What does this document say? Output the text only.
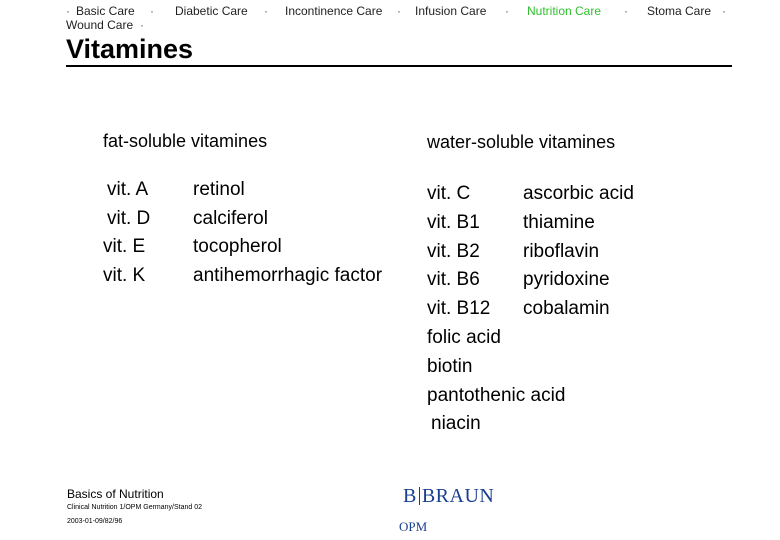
· Basic Care · Diabetic Care · Incontinence Care · Infusion Care · Nutrition Care · Stoma Care ·
Wound Care ·
Vitamines
fat-soluble vitamines
vit. A retinol
vit. D calciferol
vit. E	tocopherol
vit. K	antihemorrhagic factor
water-soluble vitamines
vit. C	ascorbic acid
vit. B1 thiamine
vit. B2 riboflavin
vit. B6 pyridoxine
vit. B12 cobalamin
folic acid
biotin
pantothenic acid
niacin
Basics of Nutrition
Clinical Nutrition 1/OPM Germany/Stand 02
2003-01-09/82/96
B BRAUN
OPM
